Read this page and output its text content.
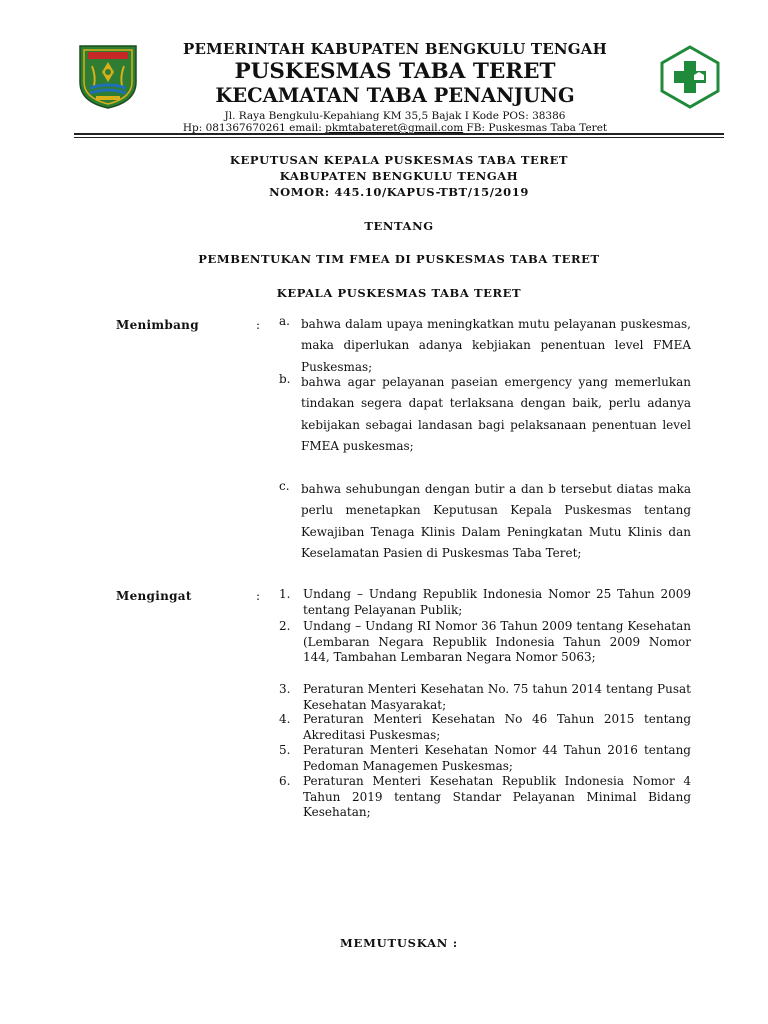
PEMERINTAH KABUPATEN BENGKULU TENGAH
PUSKESMAS TABA TERET
KECAMATAN TABA PENANJUNG
Jl. Raya Bengkulu-Kepahiang KM 35,5 Bajak I Kode POS: 38386
Hp: 081367670261 email: pkmtabateret@gmail.com FB: Puskesmas Taba Teret
KEPUTUSAN KEPALA PUSKESMAS TABA TERET
KABUPATEN BENGKULU TENGAH
NOMOR: 445.10/KAPUS-TBT/15/2019
TENTANG
PEMBENTUKAN TIM FMEA DI PUSKESMAS TABA TERET
KEPALA PUSKESMAS TABA TERET
Menimbang	: a. bahwa dalam upaya meningkatkan mutu pelayanan puskesmas, maka diperlukan adanya kebjiakan penentuan level FMEA Puskesmas;
b. bahwa agar pelayanan paseian emergency yang memerlukan tindakan segera dapat terlaksana dengan baik, perlu adanya kebijakan sebagai landasan bagi pelaksanaan penentuan level FMEA puskesmas;
c. bahwa sehubungan dengan butir a dan b tersebut diatas maka perlu menetapkan Keputusan Kepala Puskesmas tentang Kewajiban Tenaga Klinis Dalam Peningkatan Mutu Klinis dan Keselamatan Pasien di Puskesmas Taba Teret;
Mengingat	: 1. Undang – Undang Republik Indonesia Nomor 25 Tahun 2009 tentang Pelayanan Publik;
2. Undang – Undang RI Nomor 36 Tahun 2009 tentang Kesehatan (Lembaran Negara Republik Indonesia Tahun 2009 Nomor 144, Tambahan Lembaran Negara Nomor 5063;
3. Peraturan Menteri Kesehatan No. 75 tahun 2014 tentang Pusat Kesehatan Masyarakat;
4. Peraturan Menteri Kesehatan No 46 Tahun 2015 tentang Akreditasi Puskesmas;
5. Peraturan Menteri Kesehatan Nomor 44 Tahun 2016 tentang Pedoman Managemen Puskesmas;
6. Peraturan Menteri Kesehatan Republik Indonesia Nomor 4 Tahun 2019 tentang Standar Pelayanan Minimal Bidang Kesehatan;
MEMUTUSKAN :
